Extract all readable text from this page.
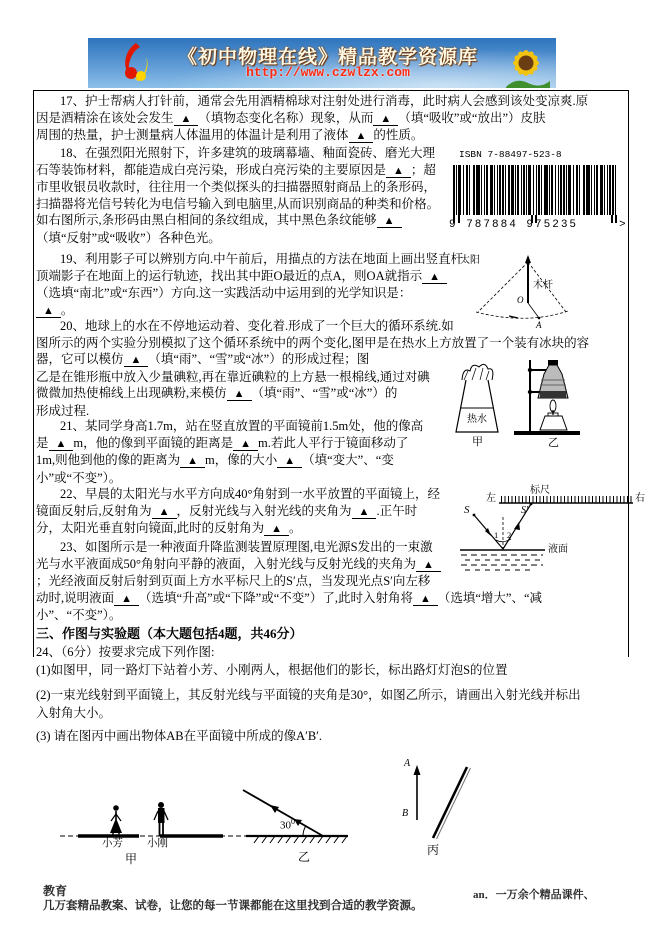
《初中物理在线》精品教学资源库
http://www.czwlzx.com
17、护士帮病人打针前，通常会先用酒精棉球对注射处进行消毒，此时病人会感到该处变凉爽.原
因是酒精涂在该处会发生 ▲ （填物态变化名称）现象，从而 ▲ （填“吸收”或“放出”）皮肤
周围的热量，护士测量病人体温用的体温计是利用了液体 ▲ 的性质。
18、在强烈阳光照射下，许多建筑的玻璃幕墙、釉面瓷砖、磨光大理
石等装饰材料，都能造成白亮污染，形成白亮污染的主要原因是 ▲ ；超
市里收银员收款时，往往用一个类似探头的扫描器照射商品上的条形码，
扫描器将光信号转化为电信号输入到电脑里,从而识别商品的种类和价格。
如右图所示,条形码由黑白相间的条纹组成，其中黑色条纹能够 ▲
（填“反射”或“吸收”）各种色光。
19、利用影子可以辨别方向.中午前后，用描点的方法在地面上画出竖直杆
顶端影子在地面上的运行轨迹，找出其中距O最近的点A，则OA就指示 ▲
（选填“南北”或“东西”）方向.这一实践活动中运用到的光学知识是：
▲ 。
20、地球上的水在不停地运动着、变化着.形成了一个巨大的循环系统.如
图所示的两个实验分别模拟了这个循环系统中的两个变化,图甲是在热水上方放置了一个装有冰块的容
器，它可以模仿 ▲ （填“雨”、“雪”或“冰”）的形成过程；图
乙是在锥形瓶中放入少量碘粒,再在靠近碘粒的上方悬一根棉线,通过对碘
微微加热使棉线上出现碘粉,来模仿 ▲ （填“雨”、“雪”或“冰”）的
形成过程.
21、某同学身高1.7m，站在竖直放置的平面镜前1.5m处，他的像高
是 ▲ m，他的像到平面镜的距离是 ▲ m.若此人平行于镜面移动了
1m,则他到他的像的距离为 ▲ m，像的大小 ▲ （填“变大”、“变
小”或“不变”）。
22、早晨的太阳光与水平方向成40°角射到一水平放置的平面镜上，经
镜面反射后,反射角为 ▲ ，反射光线与入射光线的夹角为 ▲ .正午时
分，太阳光垂直射向镜面,此时的反射角为 ▲ 。
23、如图所示是一种液面升降监测装置原理图,电光源S发出的一束激
光与水平液面成50°角射向平静的液面，入射光线与反射光线的夹角为 ▲
；光经液面反射后射到页面上方水平标尺上的S′点，当发现光点S′向左移
动时,说明液面 ▲ （选填“升高”或“下降”或“不变”）了,此时入射角将 ▲ （选填“增大”、“减
小”、“不变”）。
三、作图与实验题（本大题包括4题，共46分）
24、（6分）按要求完成下列作图:
(1)如图甲，同一路灯下站着小芳、小刚两人，根据他们的影长，标出路灯灯泡S的位置
(2)一束光线射到平面镜上，其反射光线与平面镜的夹角是30°，如图乙所示，请画出入射光线并标出
入射角大小。
(3) 请在图丙中画出物体AB在平面镜中所成的像A′B′.
ISBN 7-88497-523-8
9 787884 975235	>
太阳
木杆
O
A
热水
甲	乙
标尺
左	右
S	S′
1 2
液面
小芳 小刚
甲
$30^0$
乙
A
B
丙
教育
几万套精品教案、试卷，让您的每一节课都能在这里找到合适的教学资源。
an．一万余个精品课件、
